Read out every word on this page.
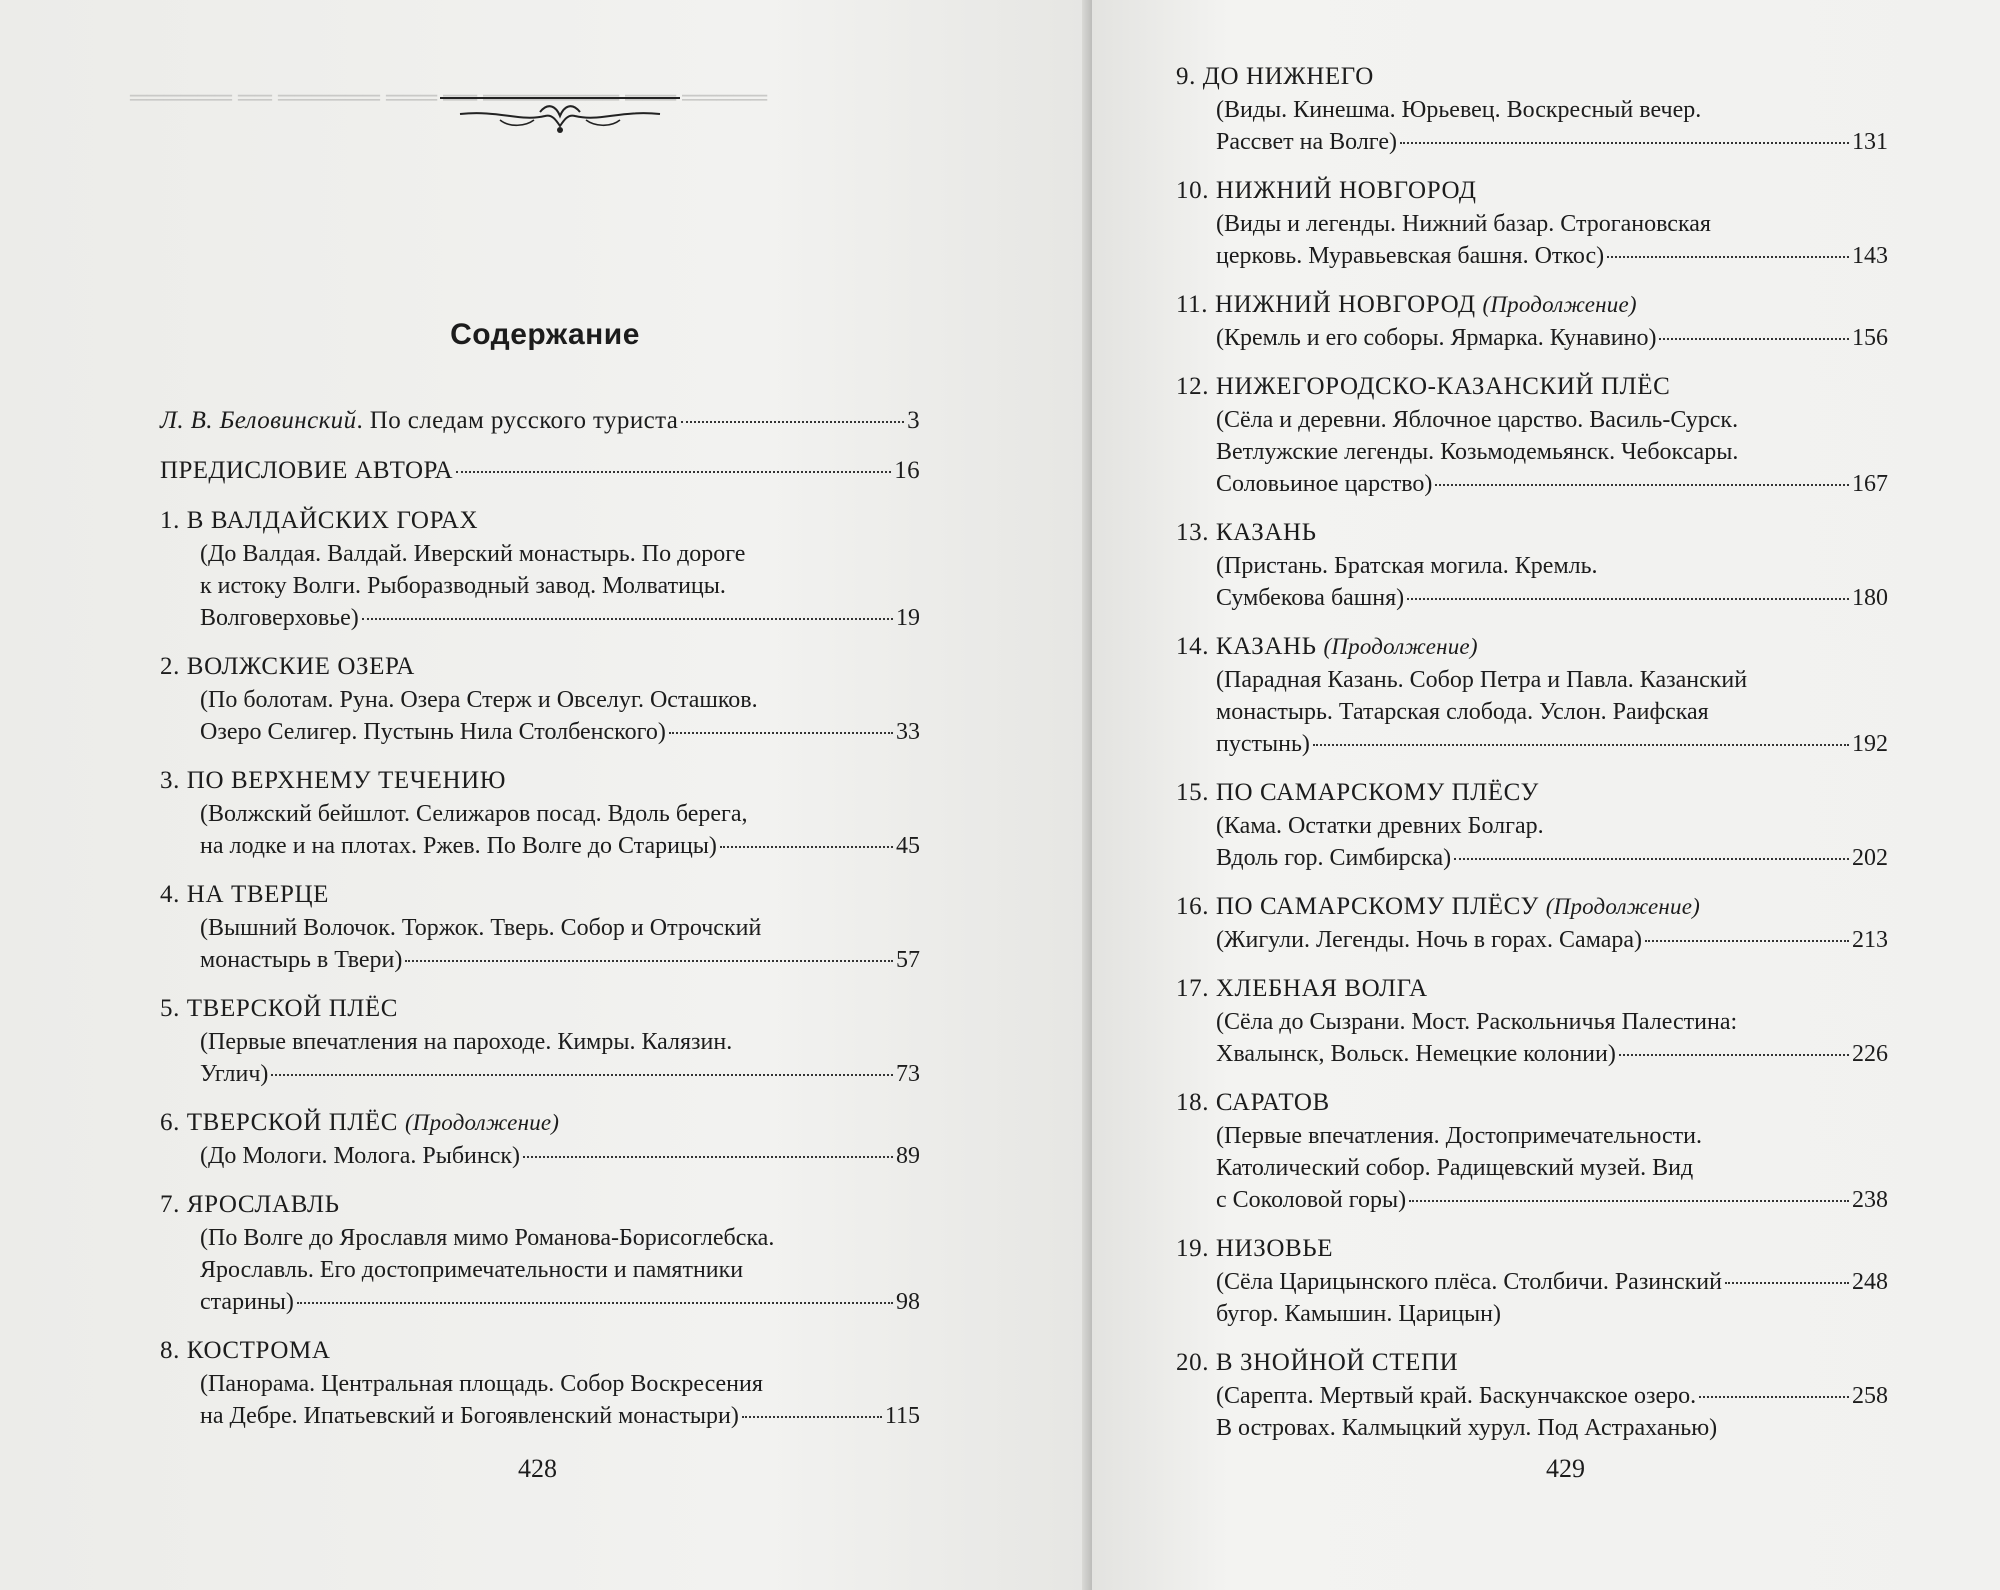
══════ ══ ══════ ═══ ══ ════════ ═══ ═════
Содержание
Л. В. Беловинский. По следам русского туриста	3
ПРЕДИСЛОВИЕ АВТОРА	16
1. В ВАЛДАЙСКИХ ГОРАХ
(До Валдая. Валдай. Иверский монастырь. По дороге
к истоку Волги. Рыборазводный завод. Молватицы.
Волговерховье)	19
2. ВОЛЖСКИЕ ОЗЕРА
(По болотам. Руна. Озера Стерж и Овселуг. Осташков.
Озеро Селигер. Пустынь Нила Столбенского)	33
3. ПО ВЕРХНЕМУ ТЕЧЕНИЮ
(Волжский бейшлот. Селижаров посад. Вдоль берега,
на лодке и на плотах. Ржев. По Волге до Старицы)	45
4. НА ТВЕРЦЕ
(Вышний Волочок. Торжок. Тверь. Собор и Отрочский
монастырь в Твери)	57
5. ТВЕРСКОЙ ПЛЁС
(Первые впечатления на пароходе. Кимры. Калязин.
Углич)	73
6. ТВЕРСКОЙ ПЛЁС (Продолжение)
(До Мологи. Молога. Рыбинск)	89
7. ЯРОСЛАВЛЬ
(По Волге до Ярославля мимо Романова-Борисоглебска.
Ярославль. Его достопримечательности и памятники
старины)	98
8. КОСТРОМА
(Панорама. Центральная площадь. Собор Воскресения
на Дебре. Ипатьевский и Богоявленский монастыри)	115
428	429
9. ДО НИЖНЕГО
(Виды. Кинешма. Юрьевец. Воскресный вечер.
Рассвет на Волге)	131
10. НИЖНИЙ НОВГОРОД
(Виды и легенды. Нижний базар. Строгановская
церковь. Муравьевская башня. Откос)	143
11. НИЖНИЙ НОВГОРОД (Продолжение)
(Кремль и его соборы. Ярмарка. Кунавино)	156
12. НИЖЕГОРОДСКО-КАЗАНСКИЙ ПЛЁС
(Сёла и деревни. Яблочное царство. Василь-Сурск.
Ветлужские легенды. Козьмодемьянск. Чебоксары.
Соловьиное царство)	167
13. КАЗАНЬ
(Пристань. Братская могила. Кремль.
Сумбекова башня)	180
14. КАЗАНЬ (Продолжение)
(Парадная Казань. Собор Петра и Павла. Казанский
монастырь. Татарская слобода. Услон. Раифская
пустынь)	192
15. ПО САМАРСКОМУ ПЛЁСУ
(Кама. Остатки древних Болгар.
Вдоль гор. Симбирска)	202
16. ПО САМАРСКОМУ ПЛЁСУ (Продолжение)
(Жигули. Легенды. Ночь в горах. Самара)	213
17. ХЛЕБНАЯ ВОЛГА
(Сёла до Сызрани. Мост. Раскольничья Палестина:
Хвалынск, Вольск. Немецкие колонии)	226
18. САРАТОВ
(Первые впечатления. Достопримечательности.
Католический собор. Радищевский музей. Вид
с Соколовой горы)	238
19. НИЗОВЬЕ
(Сёла Царицынского плёса. Столбичи. Разинский	248
бугор. Камышин. Царицын)
20. В ЗНОЙНОЙ СТЕПИ
(Сарепта. Мертвый край. Баскунчакское озеро.	258
В островах. Калмыцкий хурул. Под Астраханью)
